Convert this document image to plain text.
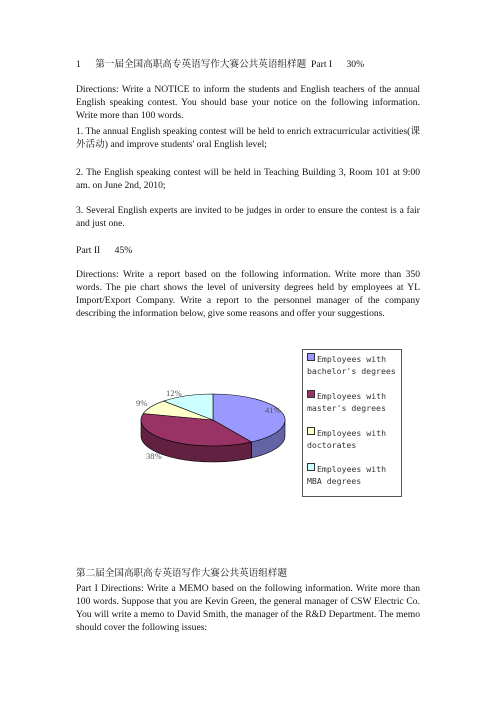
1 第一届全国高职高专英语写作大赛公共英语组样题 Part I 30%

Directions: Write a NOTICE to inform the students and English teachers of the annual English speaking contest. You should base your notice on the following information. Write more than 100 words.

1. The annual English speaking contest will be held to enrich extracurricular activities(课外活动) and improve students' oral English level;

2. The English speaking contest will be held in Teaching Building 3, Room 101 at 9:00 am. on June 2nd, 2010;

3. Several English experts are invited to be judges in order to ensure the contest is a fair and just one.

Part II 45%

Directions: Write a report based on the following information. Write more than 350 words. The pie chart shows the level of university degrees held by employees at YL Import/Export Company. Write a report to the personnel manager of the company describing the information below, give some reasons and offer your suggestions.

41%
38%
9%
12%
Employees with bachelor's degrees
Employees with master's degrees
Employees with doctorates
Employees with MBA degrees

第二届全国高职高专英语写作大赛公共英语组样题

Part I Directions: Write a MEMO based on the following information. Write more than 100 words. Suppose that you are Kevin Green, the general manager of CSW Electric Co. You will write a memo to David Smith, the manager of the R&D Department. The memo should cover the following issues:
